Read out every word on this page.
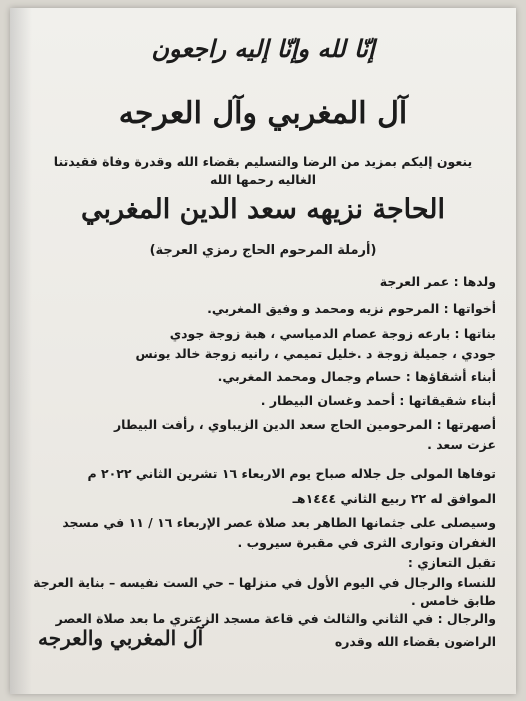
إنّا لله وإنّا إليه راجعون
آل المغربي وآل العرجه
ينعون إليكم بمزيد من الرضا والتسليم بقضاء الله وقدرة وفاة فقيدتنا
الغاليه رحمها الله
الحاجة نزيهه سعد الدين المغربي
(أرملة المرحوم الحاج رمزي العرجة)
ولدها : عمر العرجة
أخواتها : المرحوم نزيه ومحمد و وفيق المغربي.
بناتها : بارعه زوجة عصام الدمياسي ، هبة زوجة جودي
جودي ، جميلة زوجة د .خليل تميمي ، رانيه زوجة خالد يونس
أبناء أشقاؤها : حسام وجمال ومحمد المغربي.
أبناء شقيقاتها : أحمد وغسان البيطار .
أصهرتها : المرحومين الحاج سعد الدين الزيباوي ، رأفت البيطار
عزت سعد .
توفاها المولى جل جلاله صباح يوم الاربعاء ١٦ تشرين الثاني ٢٠٢٢ م
الموافق له ٢٢ ربيع الثاني ١٤٤٤هـ
وسيصلى على جثمانها الطاهر بعد صلاة عصر الإربعاء ١٦ / ١١ في مسجد
الغفران وتوارى الثرى في مقبرة سيروب .
تقبل التعازي :
للنساء والرجال في اليوم الأول في منزلها – حي الست نفيسه – بناية العرجة
طابق خامس .
والرجال : في الثاني والثالث في قاعة مسجد الزعتري ما بعد صلاة العصر
الراضون بقضاء الله وقدره
آل المغربي والعرجه
